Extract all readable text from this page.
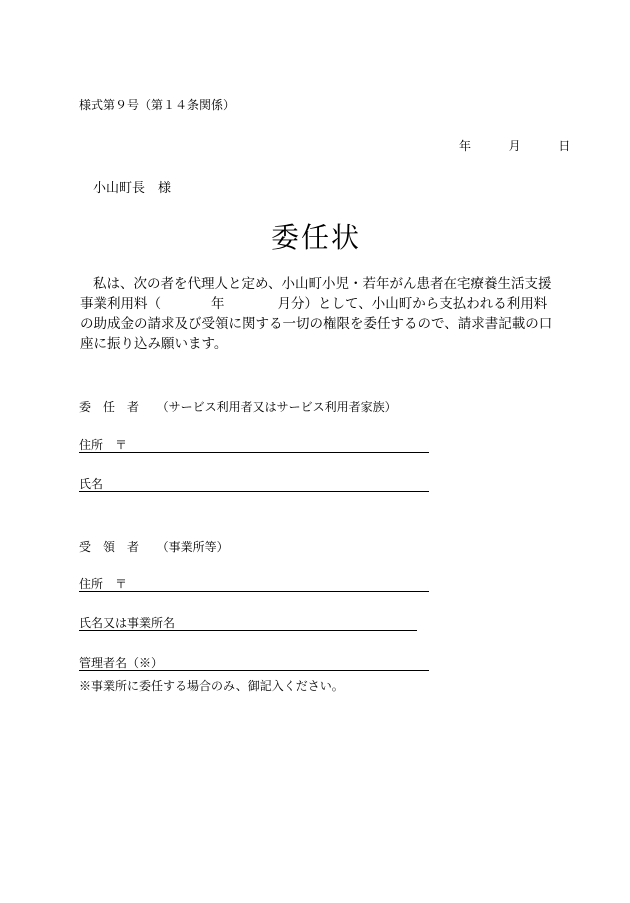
様式第９号（第１４条関係）
年	月	日
小山町長　様
委任状
私は、次の者を代理人と定め、小山町小児・若年がん患者在宅療養生活支援
事業利用料（	年	月分）として、小山町から支払われる利用料
の助成金の請求及び受領に関する一切の権限を委任するので、請求書記載の口
座に振り込み願います。
委　任　者 （サービス利用者又はサービス利用者家族）
住所　〒
氏名
受　領　者 （事業所等）
住所　〒
氏名又は事業所名
管理者名（※）
※事業所に委任する場合のみ、御記入ください。
